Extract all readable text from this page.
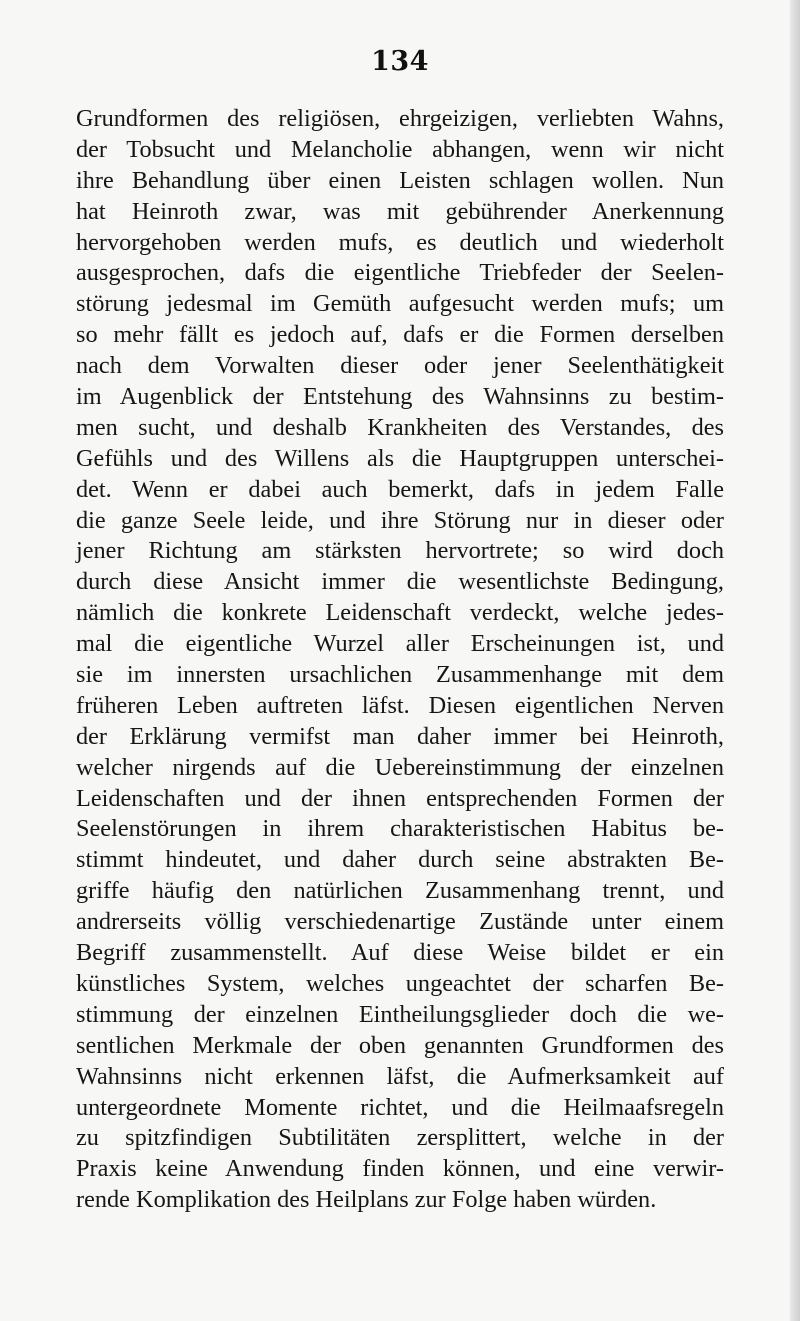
134
Grundformen des religiösen, ehrgeizigen, verliebten Wahns,
der Tobsucht und Melancholie abhangen, wenn wir nicht
ihre Behandlung über einen Leisten schlagen wollen. Nun
hat Heinroth zwar, was mit gebührender Anerkennung
hervorgehoben werden mufs, es deutlich und wiederholt
ausgesprochen, dafs die eigentliche Triebfeder der Seelen-
störung jedesmal im Gemüth aufgesucht werden mufs; um
so mehr fällt es jedoch auf, dafs er die Formen derselben
nach dem Vorwalten dieser oder jener Seelenthätigkeit
im Augenblick der Entstehung des Wahnsinns zu bestim-
men sucht, und deshalb Krankheiten des Verstandes, des
Gefühls und des Willens als die Hauptgruppen unterschei-
det. Wenn er dabei auch bemerkt, dafs in jedem Falle
die ganze Seele leide, und ihre Störung nur in dieser oder
jener Richtung am stärksten hervortrete; so wird doch
durch diese Ansicht immer die wesentlichste Bedingung,
nämlich die konkrete Leidenschaft verdeckt, welche jedes-
mal die eigentliche Wurzel aller Erscheinungen ist, und
sie im innersten ursachlichen Zusammenhange mit dem
früheren Leben auftreten läfst. Diesen eigentlichen Nerven
der Erklärung vermifst man daher immer bei Heinroth,
welcher nirgends auf die Uebereinstimmung der einzelnen
Leidenschaften und der ihnen entsprechenden Formen der
Seelenstörungen in ihrem charakteristischen Habitus be-
stimmt hindeutet, und daher durch seine abstrakten Be-
griffe häufig den natürlichen Zusammenhang trennt, und
andrerseits völlig verschiedenartige Zustände unter einem
Begriff zusammenstellt. Auf diese Weise bildet er ein
künstliches System, welches ungeachtet der scharfen Be-
stimmung der einzelnen Eintheilungsglieder doch die we-
sentlichen Merkmale der oben genannten Grundformen des
Wahnsinns nicht erkennen läfst, die Aufmerksamkeit auf
untergeordnete Momente richtet, und die Heilmaafsregeln
zu spitzfindigen Subtilitäten zersplittert, welche in der
Praxis keine Anwendung finden können, und eine verwir-
rende Komplikation des Heilplans zur Folge haben würden.
